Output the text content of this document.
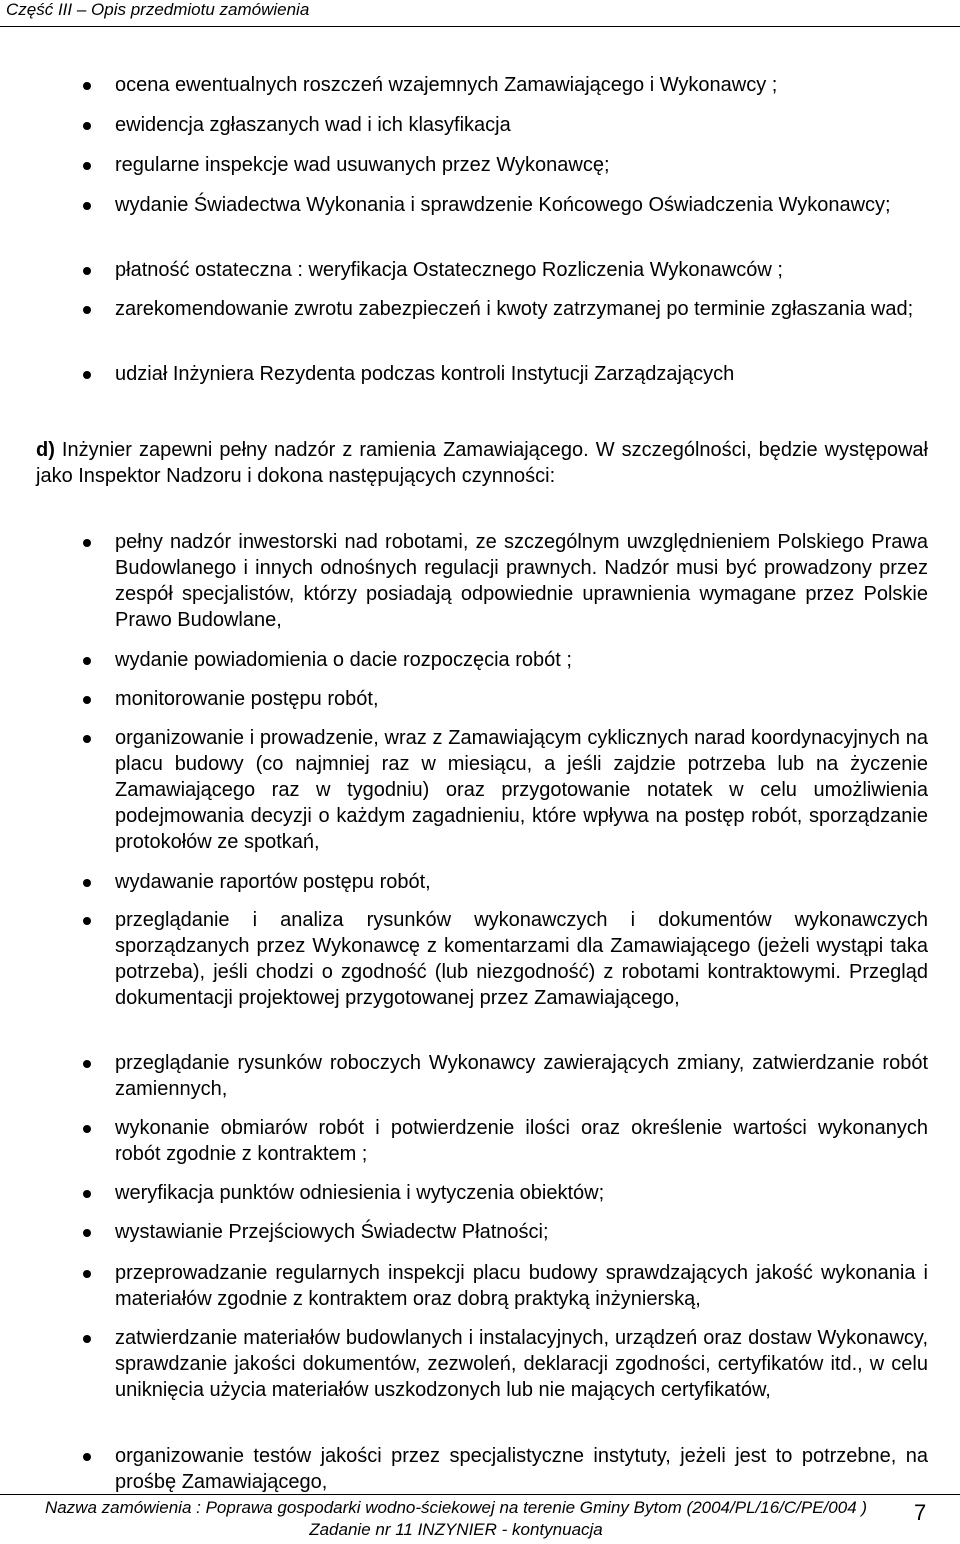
Część III – Opis przedmiotu zamówienia
ocena ewentualnych roszczeń wzajemnych Zamawiającego i Wykonawcy ;
ewidencja zgłaszanych wad i ich klasyfikacja
regularne inspekcje wad usuwanych przez Wykonawcę;
wydanie Świadectwa Wykonania i sprawdzenie Końcowego Oświadczenia Wykonawcy;
płatność ostateczna : weryfikacja Ostatecznego Rozliczenia Wykonawców ;
zarekomendowanie zwrotu zabezpieczeń i kwoty zatrzymanej po terminie zgłaszania wad;
udział Inżyniera Rezydenta podczas kontroli Instytucji Zarządzających
d) Inżynier zapewni pełny nadzór z ramienia Zamawiającego. W szczególności, będzie występował jako Inspektor Nadzoru i dokona następujących czynności:
pełny nadzór inwestorski nad robotami, ze szczególnym uwzględnieniem Polskiego Prawa Budowlanego i innych odnośnych regulacji prawnych. Nadzór musi być prowadzony przez zespół specjalistów, którzy posiadają odpowiednie uprawnienia wymagane przez Polskie Prawo Budowlane,
wydanie powiadomienia o dacie rozpoczęcia robót ;
monitorowanie postępu robót,
organizowanie i prowadzenie, wraz z Zamawiającym cyklicznych narad koordynacyjnych na placu budowy (co najmniej raz w miesiącu, a jeśli zajdzie potrzeba lub na życzenie Zamawiającego raz w tygodniu) oraz przygotowanie notatek w celu umożliwienia podejmowania decyzji o każdym zagadnieniu, które wpływa na postęp robót, sporządzanie protokołów ze spotkań,
wydawanie raportów postępu robót,
przeglądanie i analiza rysunków wykonawczych i dokumentów wykonawczych sporządzanych przez Wykonawcę z komentarzami dla Zamawiającego (jeżeli wystąpi taka potrzeba), jeśli chodzi o zgodność (lub niezgodność) z robotami kontraktowymi. Przegląd dokumentacji projektowej przygotowanej przez Zamawiającego,
przeglądanie rysunków roboczych Wykonawcy zawierających zmiany, zatwierdzanie robót zamiennych,
wykonanie obmiarów robót i potwierdzenie ilości oraz określenie wartości wykonanych robót zgodnie z kontraktem ;
weryfikacja punktów odniesienia i wytyczenia obiektów;
wystawianie Przejściowych Świadectw Płatności;
przeprowadzanie regularnych inspekcji placu budowy sprawdzających jakość wykonania i materiałów zgodnie z kontraktem oraz dobrą praktyką inżynierską,
zatwierdzanie materiałów budowlanych i instalacyjnych, urządzeń oraz dostaw Wykonawcy, sprawdzanie jakości dokumentów, zezwoleń, deklaracji zgodności, certyfikatów itd., w celu uniknięcia użycia materiałów uszkodzonych lub nie mających certyfikatów,
organizowanie testów jakości przez specjalistyczne instytuty, jeżeli jest to potrzebne, na prośbę Zamawiającego,
Nazwa zamówienia : Poprawa gospodarki wodno-ściekowej na terenie Gminy Bytom (2004/PL/16/C/PE/004 )
Zadanie nr 11 INZYNIER - kontynuacja
7
